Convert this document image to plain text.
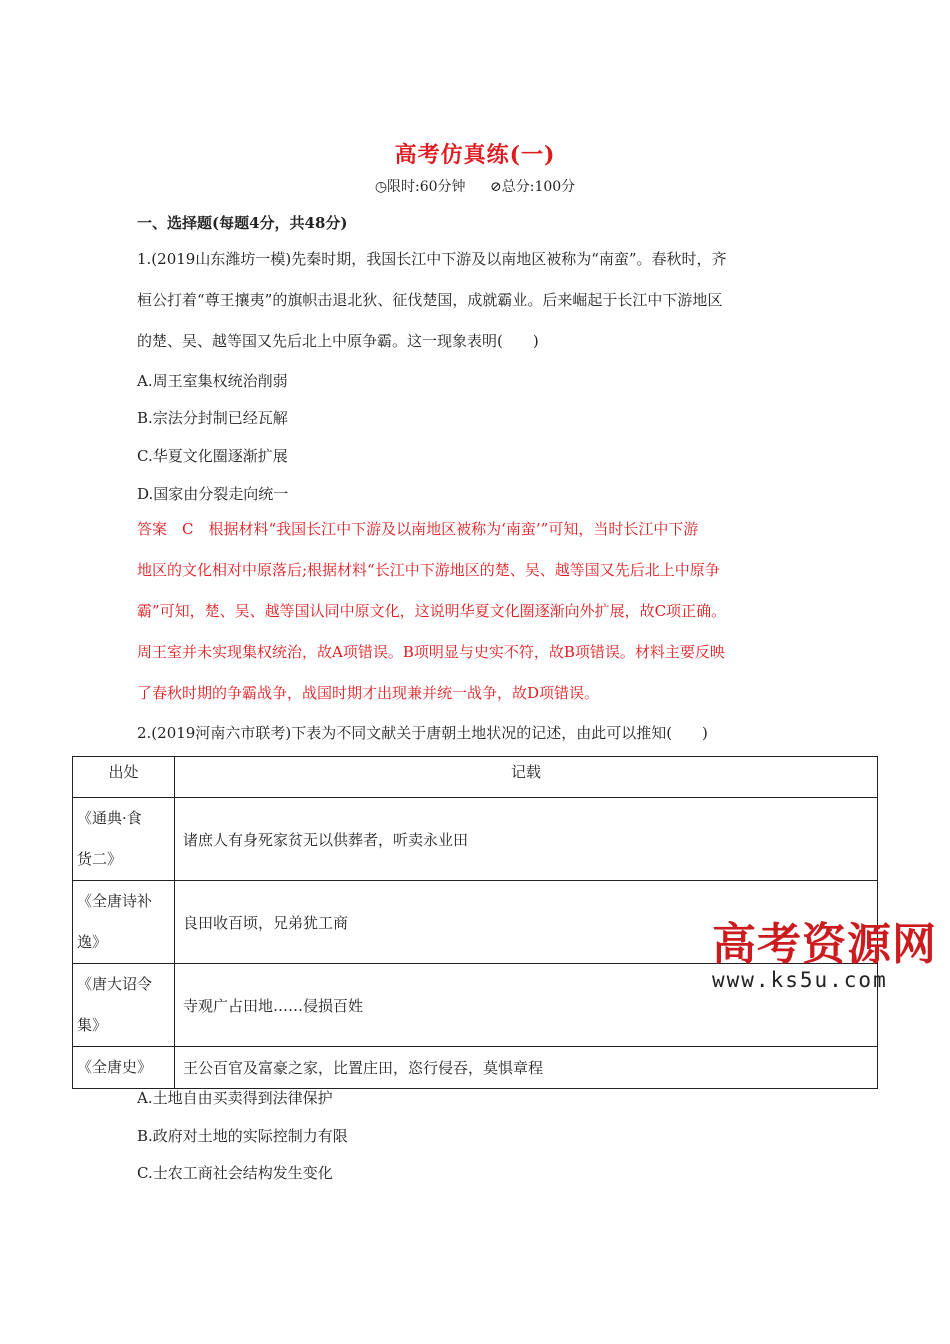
高考仿真练(一)
◷限时:60分钟 ⊘总分:100分
一、选择题(每题4分，共48分)
1.(2019山东潍坊一模)先秦时期，我国长江中下游及以南地区被称为“南蛮”。春秋时，齐
桓公打着“尊王攘夷”的旗帜击退北狄、征伐楚国，成就霸业。后来崛起于长江中下游地区
的楚、吴、越等国又先后北上中原争霸。这一现象表明(　　)
A.周王室集权统治削弱
B.宗法分封制已经瓦解
C.华夏文化圈逐渐扩展
D.国家由分裂走向统一
答案　C　根据材料“我国长江中下游及以南地区被称为‘南蛮’”可知，当时长江中下游
地区的文化相对中原落后;根据材料“长江中下游地区的楚、吴、越等国又先后北上中原争
霸”可知，楚、吴、越等国认同中原文化，这说明华夏文化圈逐渐向外扩展，故C项正确。
周王室并未实现集权统治，故A项错误。B项明显与史实不符，故B项错误。材料主要反映
了春秋时期的争霸战争，战国时期才出现兼并统一战争，故D项错误。
2.(2019河南六市联考)下表为不同文献关于唐朝土地状况的记述，由此可以推知(　　)
出处	记载

《通典·食
货二》	诸庶人有身死家贫无以供葬者，听卖永业田

《全唐诗补
逸》	良田收百顷，兄弟犹工商

《唐大诏令
集》	寺观广占田地……侵损百姓

《全唐史》	王公百官及富豪之家，比置庄田，恣行侵吞，莫惧章程
A.土地自由买卖得到法律保护
B.政府对土地的实际控制力有限
C.士农工商社会结构发生变化
高考资源网
www.ks5u.com
